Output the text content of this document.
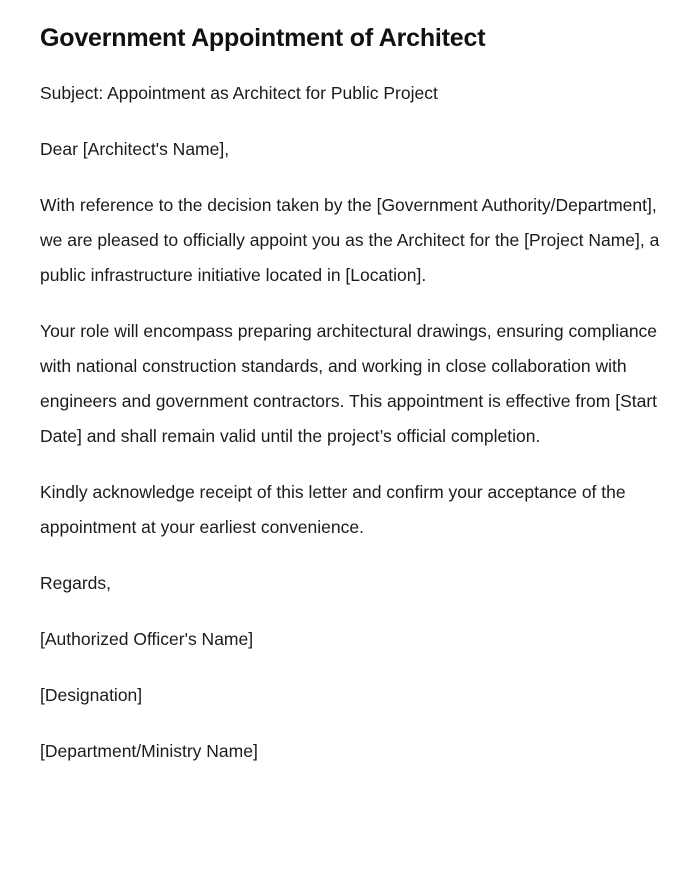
Government Appointment of Architect

Subject: Appointment as Architect for Public Project

Dear [Architect's Name],

With reference to the decision taken by the [Government Authority/Department], we are pleased to officially appoint you as the Architect for the [Project Name], a public infrastructure initiative located in [Location].

Your role will encompass preparing architectural drawings, ensuring compliance with national construction standards, and working in close collaboration with engineers and government contractors. This appointment is effective from [Start Date] and shall remain valid until the project’s official completion.

Kindly acknowledge receipt of this letter and confirm your acceptance of the appointment at your earliest convenience.

Regards,

[Authorized Officer's Name]

[Designation]

[Department/Ministry Name]
